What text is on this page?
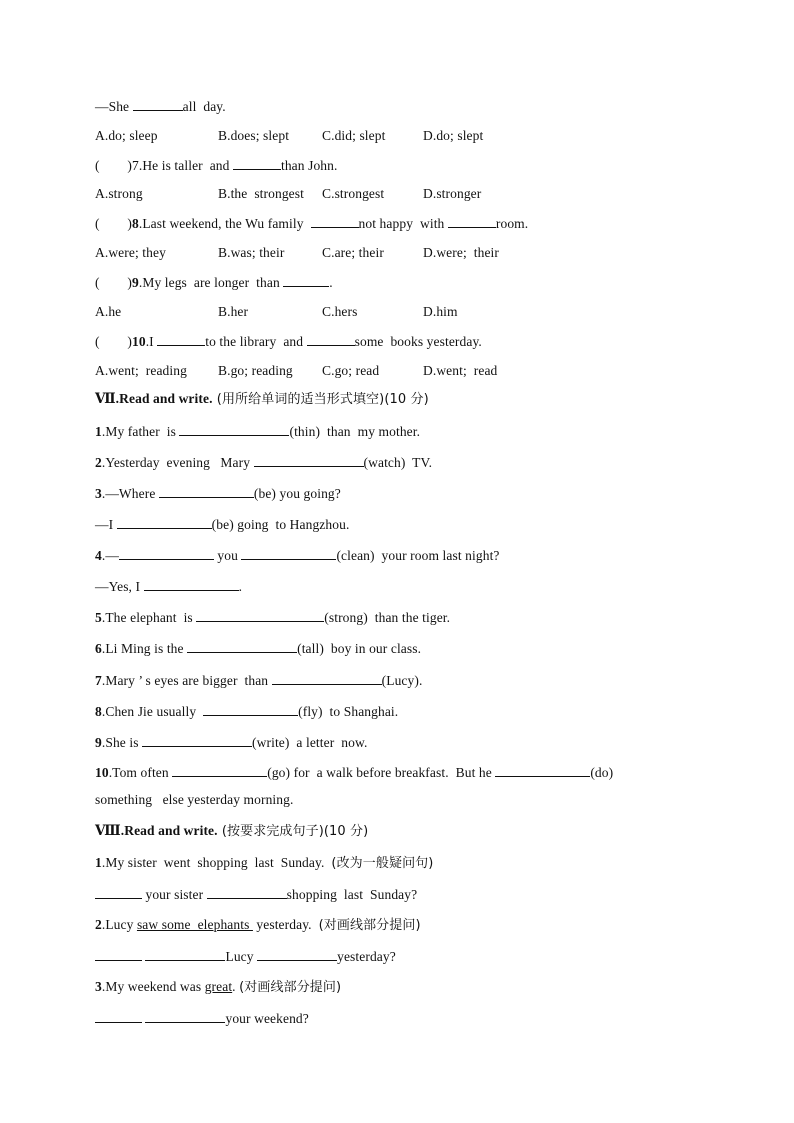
—She	all  day.
A.do; sleep	B.does; slept C.did; slept	D.do; slept
(        )7.He is taller  and	than John.
A.strong	B.the  strongest C.strongest	D.stronger
(        )8.Last weekend, the Wu family	not happy  with	room.
A.were; they	B.was; their	C.are; their	D.were;  their
(        )9.My legs  are longer  than	.
A.he	B.her	C.hers	D.him
(        )10.I	to the library  and	some  books yesterday.
A.went;  reading B.go; reading C.go; read	D.went;  read
Ⅶ.Read and write. (用所给单词的适当形式填空)(10 分)
1.My father  is	(thin)  than  my mother.
2.Yesterday  evening   Mary	(watch)  TV.
3.—Where	(be) you going?
—I	(be) going  to Hangzhou.
4.—	you	(clean)  your room last night?
—Yes, I	.
5.The elephant  is	(strong)  than the tiger.
6.Li Ming is the	(tall)  boy in our class.
7.Mary ’ s eyes are bigger  than	(Lucy).
8.Chen Jie usually	(fly)  to Shanghai.
9.She is	(write)  a letter  now.
10.Tom often	(go) for  a walk before breakfast.  But he	(do)
something   else yesterday morning.
Ⅷ.Read and write. (按要求完成句子)(10 分)
1.My sister  went  shopping  last  Sunday.  (改为一般疑问句)
your sister	shopping  last  Sunday?
2.Lucy saw some  elephants  yesterday.  (对画线部分提问)
Lucy	yesterday?
3.My weekend was great. (对画线部分提问)
your weekend?
